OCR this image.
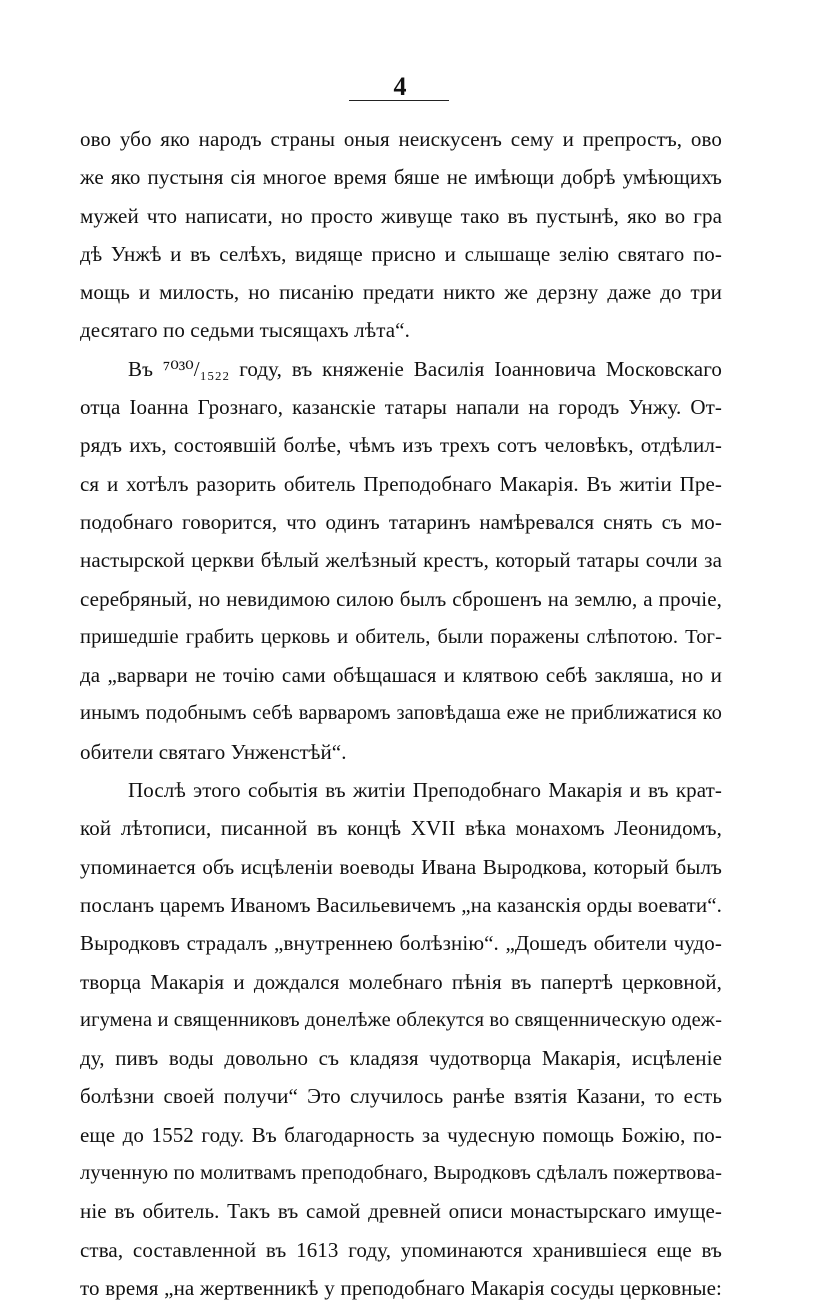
4
ово убо яко народъ страны оныя неискусенъ сему и препростъ, ово
же яко пустыня сія многое время бяше не имѣющи добрѣ умѣющихъ
мужей что написати, но просто живуще тако въ пустынѣ, яко во гра
дѣ Унжѣ и въ селѣхъ, видяще присно и слышаще зелію святаго по-
мощь и милость, но писанію предати никто же дерзну даже до три
десятаго по седьми тысящахъ лѣта“.
Въ ⁷⁰³⁰/₁₅₂₂ году, въ княженіе Василія Іоанновича Московскаго
отца Іоанна Грознаго, казанскіе татары напали на городъ Унжу. От-
рядъ ихъ, состоявшій болѣе, чѣмъ изъ трехъ сотъ человѣкъ, отдѣлил-
ся и хотѣлъ разорить обитель Преподобнаго Макарія. Въ житіи Пре-
подобнаго говорится, что одинъ татаринъ намѣревался снять съ мо-
настырской церкви бѣлый желѣзный крестъ, который татары сочли за
серебряный, но невидимою силою былъ сброшенъ на землю, а прочіе,
пришедшіе грабить церковь и обитель, были поражены слѣпотою. Тог-
да „варвари не точію сами обѣщашася и клятвою себѣ закляша, но и
инымъ подобнымъ себѣ варваромъ заповѣдаша еже не приближатися ко
обители святаго Унженстѣй“.
Послѣ этого событія въ житіи Преподобнаго Макарія и въ крат-
кой лѣтописи, писанной въ концѣ XVII вѣка монахомъ Леонидомъ,
упоминается объ исцѣленіи воеводы Ивана Выродкова, который былъ
посланъ царемъ Иваномъ Васильевичемъ „на казанскія орды воевати“.
Выродковъ страдалъ „внутреннею болѣзнію“. „Дошедъ обители чудо-
творца Макарія и дождался молебнаго пѣнія въ папертѣ церковной,
игумена и священниковъ донелѣже облекутся во священническую одеж-
ду, пивъ воды довольно съ кладязя чудотворца Макарія, исцѣленіе
болѣзни своей получи“ Это случилось ранѣе взятія Казани, то есть
еще до 1552 году. Въ благодарность за чудесную помощь Божію, по-
лученную по молитвамъ преподобнаго, Выродковъ сдѣлалъ пожертвова-
ніе въ обитель. Такъ въ самой древней описи монастырскаго имуще-
ства, составленной въ 1613 году, упоминаются хранившіеся еще въ
то время „на жертвенникѣ у преподобнаго Макарія сосуды церковные:
